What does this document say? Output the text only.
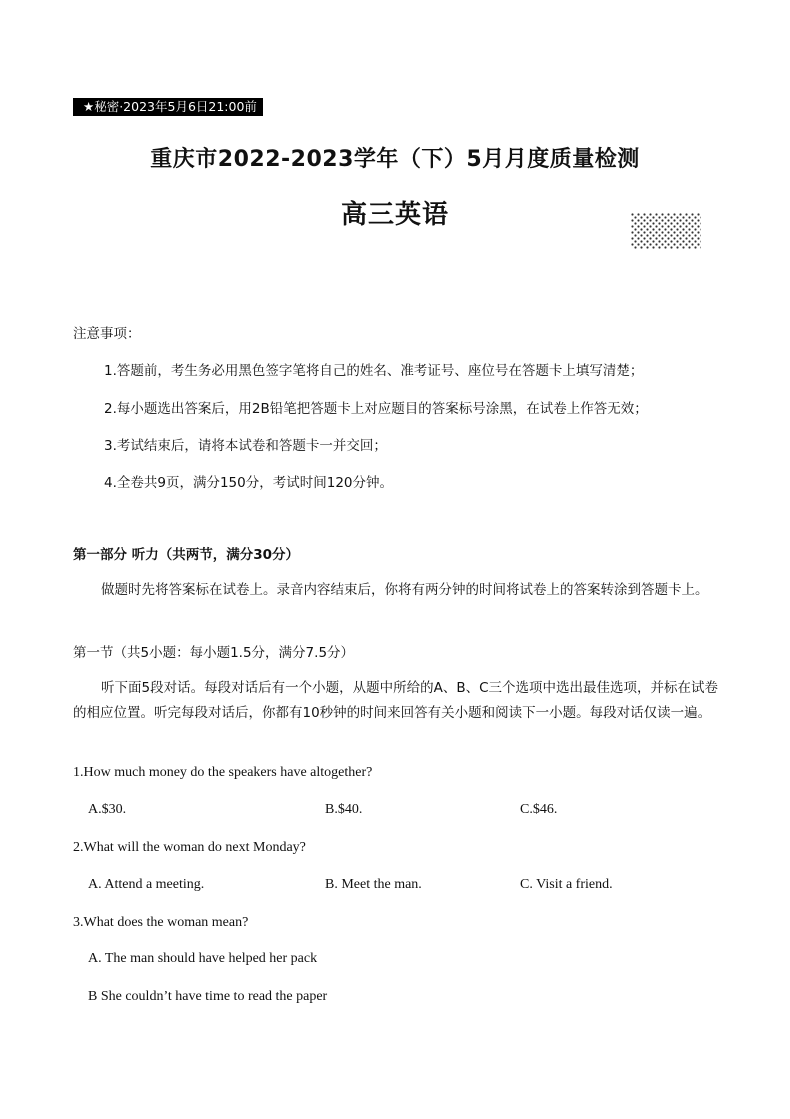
★秘密·2023年5月6日21:00前
重庆市2022-2023学年（下）5月月度质量检测
高三英语
注意事项：
1.答题前，考生务必用黑色签字笔将自己的姓名、准考证号、座位号在答题卡上填写清楚；
2.每小题选出答案后，用2B铅笔把答题卡上对应题目的答案标号涂黑，在试卷上作答无效；
3.考试结束后，请将本试卷和答题卡一并交回；
4.全卷共9页，满分150分，考试时间120分钟。
第一部分 听力（共两节，满分30分）
做题时先将答案标在试卷上。录音内容结束后，你将有两分钟的时间将试卷上的答案转涂到答题卡上。
第一节（共5小题：每小题1.5分，满分7.5分）
听下面5段对话。每段对话后有一个小题，从题中所给的A、B、C三个选项中选出最佳选项，并标在试卷的相应位置。听完每段对话后，你都有10秒钟的时间来回答有关小题和阅读下一小题。每段对话仅读一遍。
1.How much money do the speakers have altogether?
A.$30.	B.$40.	C.$46.
2.What will the woman do next Monday?
A. Attend a meeting.	B. Meet the man.	C. Visit a friend.
3.What does the woman mean?
A. The man should have helped her pack
B She couldn’t have time to read the paper
